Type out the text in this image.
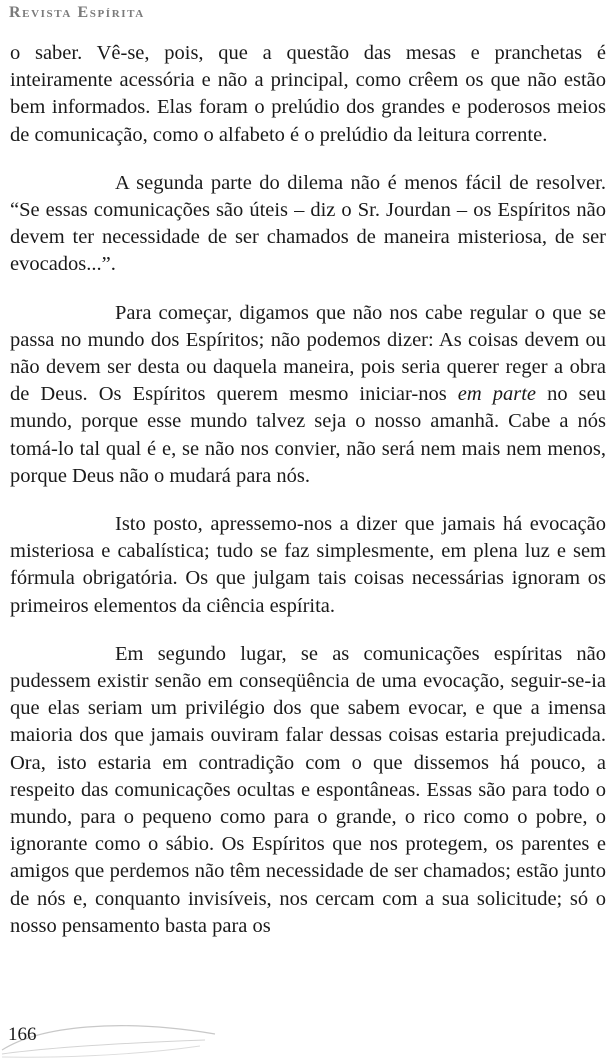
Revista Espírita

o saber. Vê-se, pois, que a questão das mesas e pranchetas é inteiramente acessória e não a principal, como crêem os que não estão bem informados. Elas foram o prelúdio dos grandes e poderosos meios de comunicação, como o alfabeto é o prelúdio da leitura corrente.

A segunda parte do dilema não é menos fácil de resolver. “Se essas comunicações são úteis – diz o Sr. Jourdan – os Espíritos não devem ter necessidade de ser chamados de maneira misteriosa, de ser evocados...”.

Para começar, digamos que não nos cabe regular o que se passa no mundo dos Espíritos; não podemos dizer: As coisas devem ou não devem ser desta ou daquela maneira, pois seria querer reger a obra de Deus. Os Espíritos querem mesmo iniciar-nos em parte no seu mundo, porque esse mundo talvez seja o nosso amanhã. Cabe a nós tomá-lo tal qual é e, se não nos convier, não será nem mais nem menos, porque Deus não o mudará para nós.

Isto posto, apressemo-nos a dizer que jamais há evocação misteriosa e cabalística; tudo se faz simplesmente, em plena luz e sem fórmula obrigatória. Os que julgam tais coisas necessárias ignoram os primeiros elementos da ciência espírita.

Em segundo lugar, se as comunicações espíritas não pudessem existir senão em conseqüência de uma evocação, seguir-se-ia que elas seriam um privilégio dos que sabem evocar, e que a imensa maioria dos que jamais ouviram falar dessas coisas estaria prejudicada. Ora, isto estaria em contradição com o que dissemos há pouco, a respeito das comunicações ocultas e espontâneas. Essas são para todo o mundo, para o pequeno como para o grande, o rico como o pobre, o ignorante como o sábio. Os Espíritos que nos protegem, os parentes e amigos que perdemos não têm necessidade de ser chamados; estão junto de nós e, conquanto invisíveis, nos cercam com a sua solicitude; só o nosso pensamento basta para os

166
